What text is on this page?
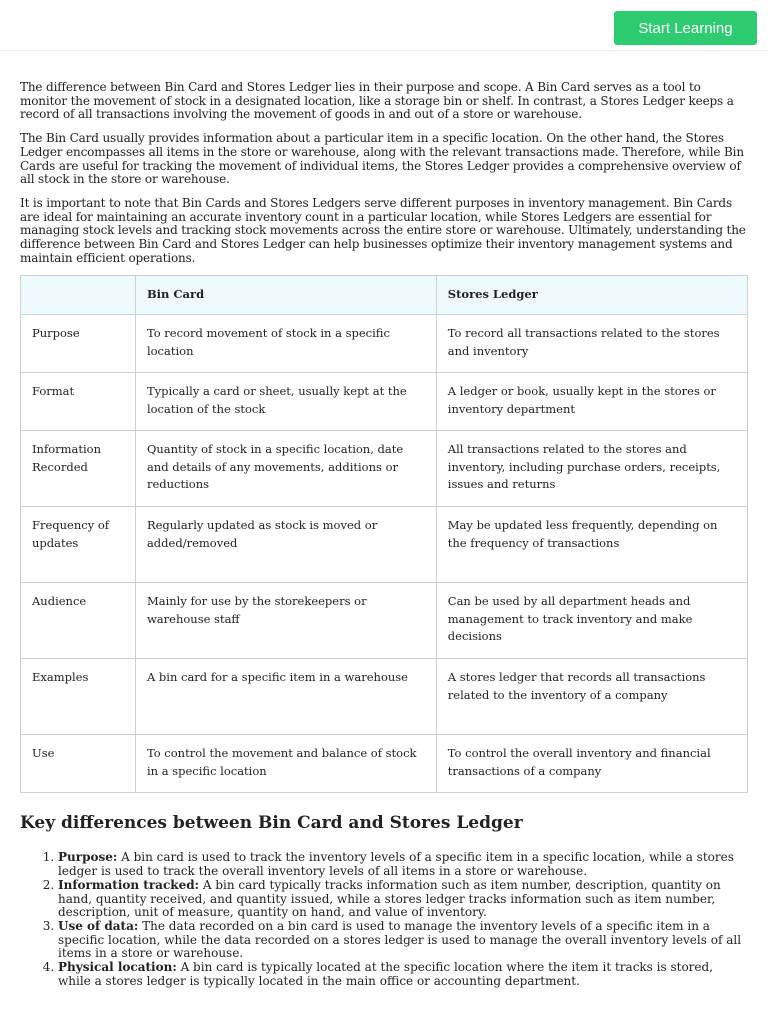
Start Learning

The difference between Bin Card and Stores Ledger lies in their purpose and scope. A Bin Card serves as a tool to monitor the movement of stock in a designated location, like a storage bin or shelf. In contrast, a Stores Ledger keeps a record of all transactions involving the movement of goods in and out of a store or warehouse.

The Bin Card usually provides information about a particular item in a specific location. On the other hand, the Stores Ledger encompasses all items in the store or warehouse, along with the relevant transactions made. Therefore, while Bin Cards are useful for tracking the movement of individual items, the Stores Ledger provides a comprehensive overview of all stock in the store or warehouse.

It is important to note that Bin Cards and Stores Ledgers serve different purposes in inventory management. Bin Cards are ideal for maintaining an accurate inventory count in a particular location, while Stores Ledgers are essential for managing stock levels and tracking stock movements across the entire store or warehouse. Ultimately, understanding the difference between Bin Card and Stores Ledger can help businesses optimize their inventory management systems and maintain efficient operations.

	Bin Card	Stores Ledger
Purpose	To record movement of stock in a specific location	To record all transactions related to the stores and inventory
Format	Typically a card or sheet, usually kept at the location of the stock	A ledger or book, usually kept in the stores or inventory department
Information Recorded	Quantity of stock in a specific location, date and details of any movements, additions or reductions	All transactions related to the stores and inventory, including purchase orders, receipts, issues and returns
Frequency of updates	Regularly updated as stock is moved or added/removed	May be updated less frequently, depending on the frequency of transactions
Audience	Mainly for use by the storekeepers or warehouse staff	Can be used by all department heads and management to track inventory and make decisions
Examples	A bin card for a specific item in a warehouse	A stores ledger that records all transactions related to the inventory of a company
Use	To control the movement and balance of stock in a specific location	To control the overall inventory and financial transactions of a company
Key differences between Bin Card and Stores Ledger
1. Purpose: A bin card is used to track the inventory levels of a specific item in a specific location, while a stores ledger is used to track the overall inventory levels of all items in a store or warehouse.
2. Information tracked: A bin card typically tracks information such as item number, description, quantity on hand, quantity received, and quantity issued, while a stores ledger tracks information such as item number, description, unit of measure, quantity on hand, and value of inventory.
3. Use of data: The data recorded on a bin card is used to manage the inventory levels of a specific item in a specific location, while the data recorded on a stores ledger is used to manage the overall inventory levels of all items in a store or warehouse.
4. Physical location: A bin card is typically located at the specific location where the item it tracks is stored, while a stores ledger is typically located in the main office or accounting department.
